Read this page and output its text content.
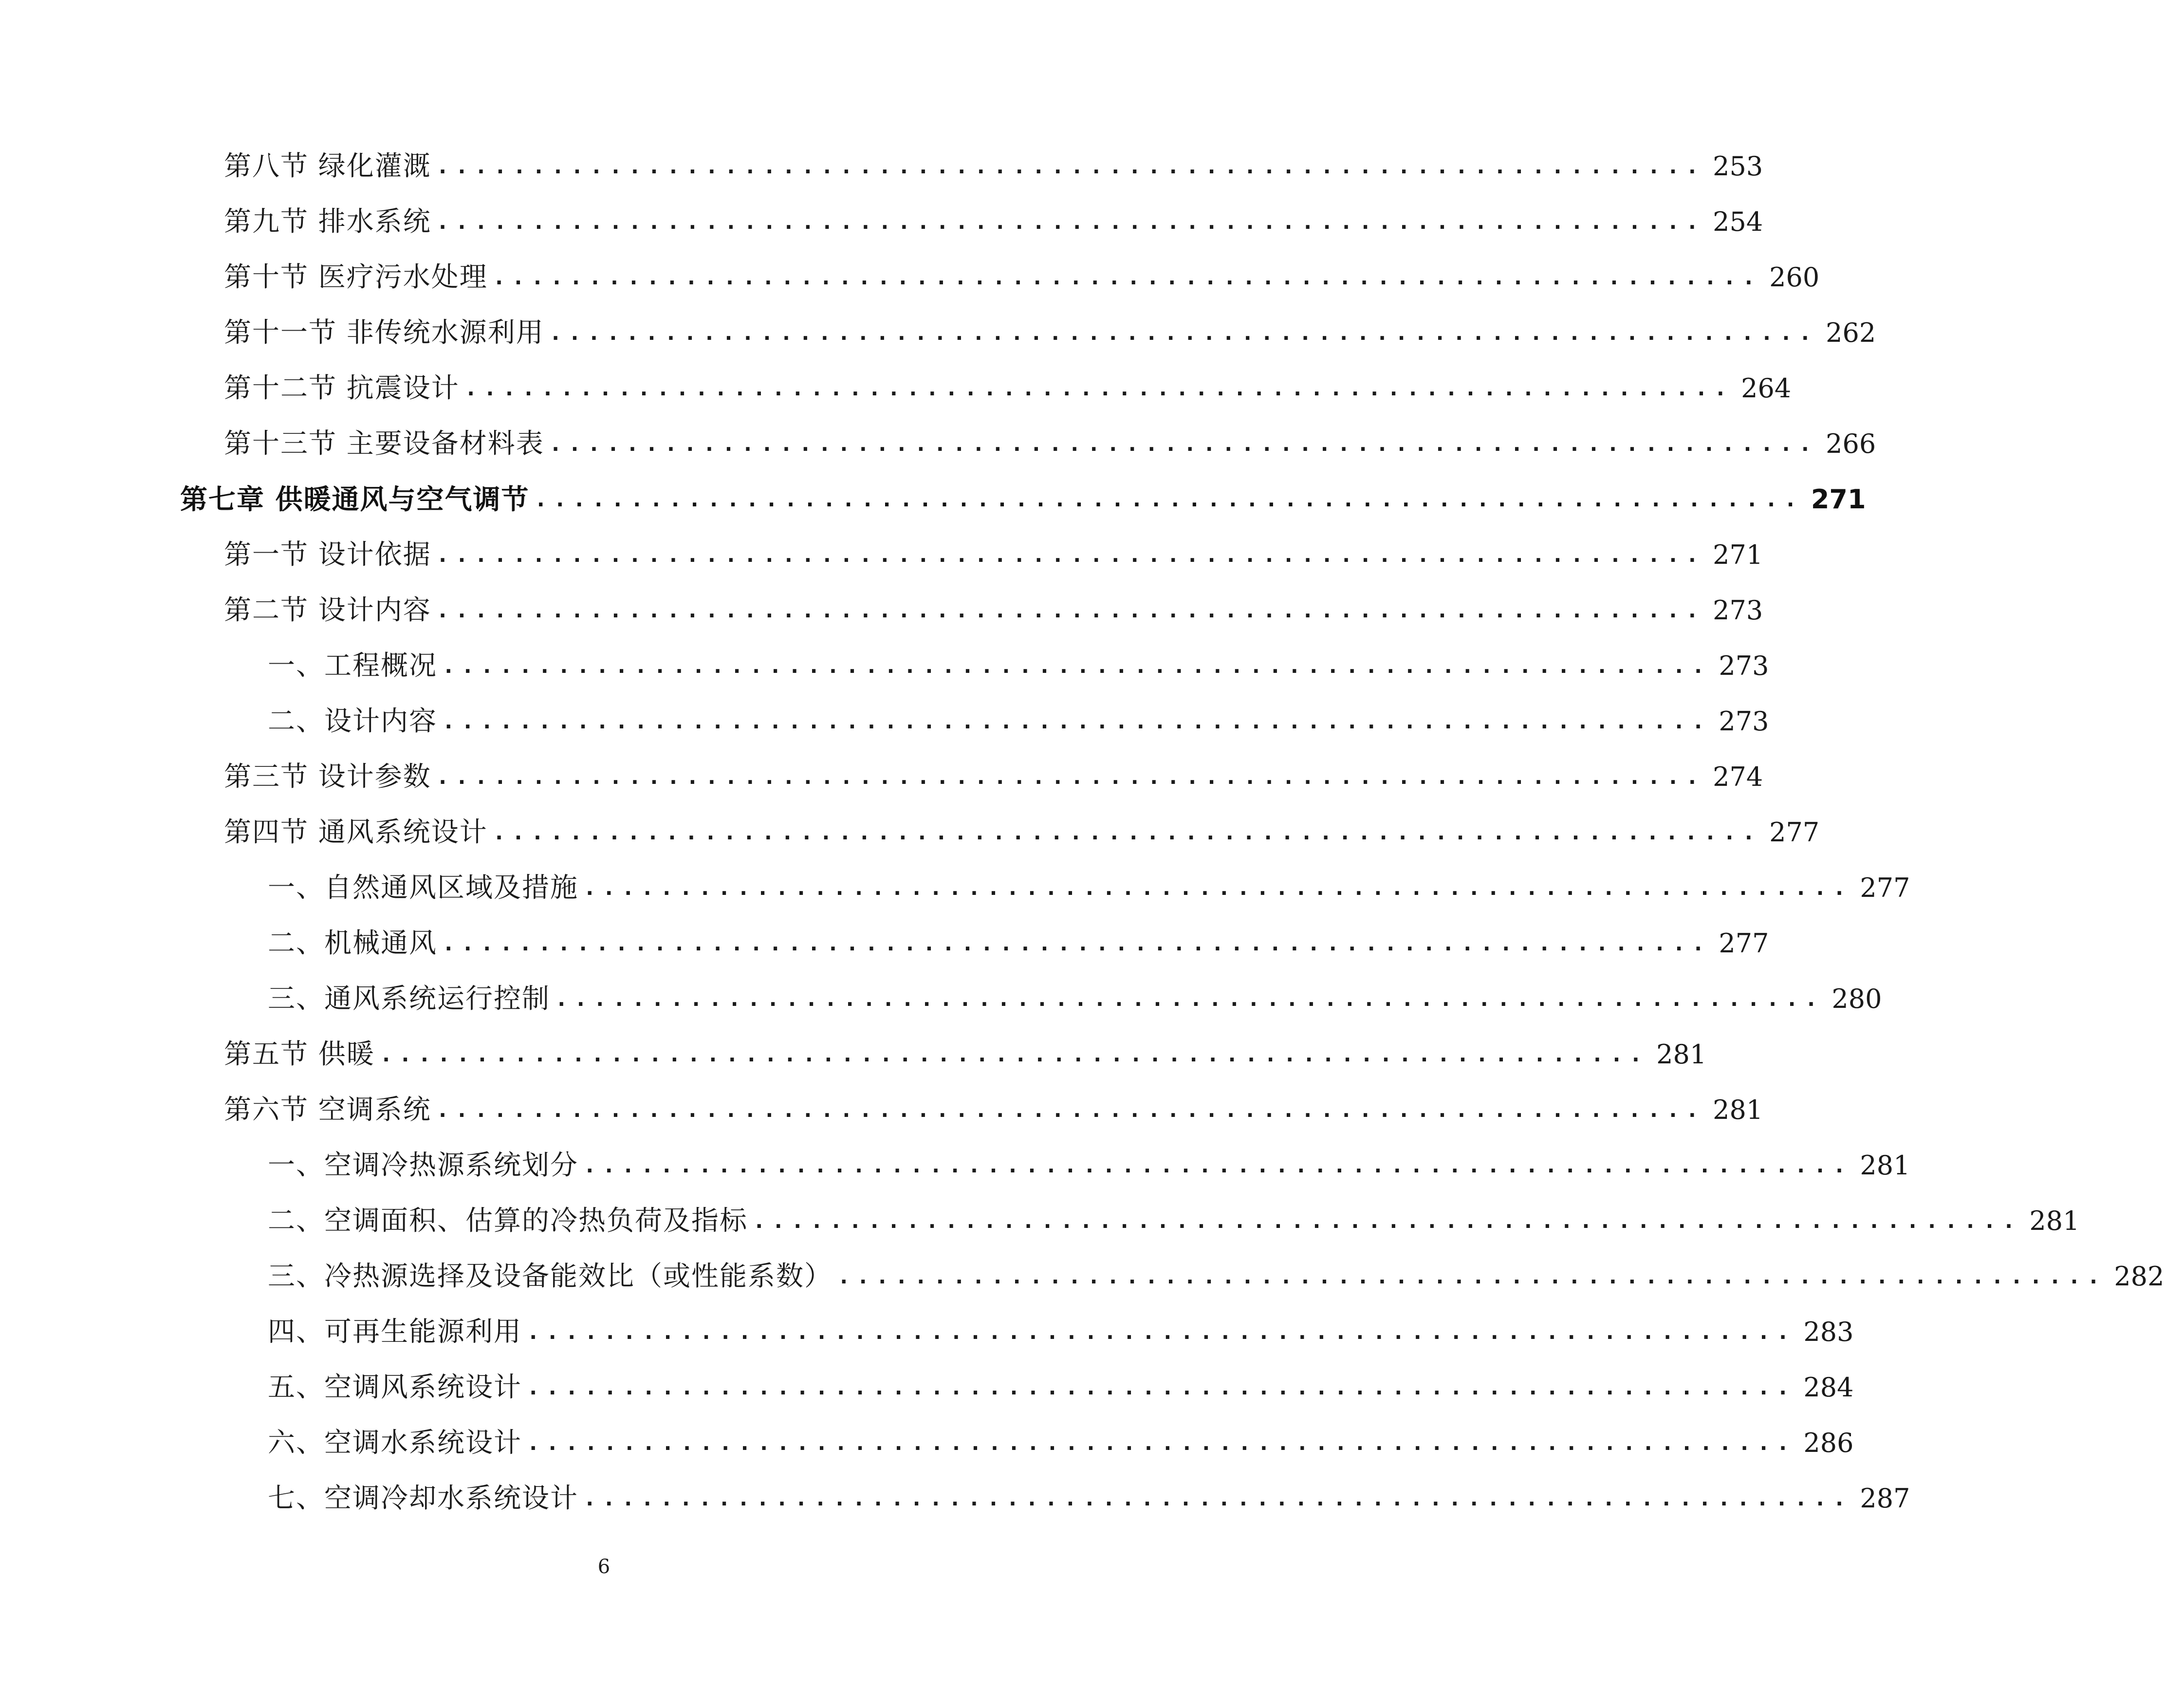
第八节 绿化灌溉 .................................................................. 253
第九节 排水系统 .................................................................. 254
第十节 医疗污水处理 .................................................................. 260
第十一节 非传统水源利用 .................................................................. 262
第十二节 抗震设计 .................................................................. 264
第十三节 主要设备材料表 .................................................................. 266
第七章 供暖通风与空气调节 .................................................................. 271
第一节 设计依据 .................................................................. 271
第二节 设计内容 .................................................................. 273
一、工程概况 .................................................................. 273
二、设计内容 .................................................................. 273
第三节 设计参数 .................................................................. 274
第四节 通风系统设计 .................................................................. 277
一、自然通风区域及措施 .................................................................. 277
二、机械通风 .................................................................. 277
三、通风系统运行控制 .................................................................. 280
第五节 供暖 .................................................................. 281
第六节 空调系统 .................................................................. 281
一、空调冷热源系统划分 .................................................................. 281
二、空调面积、估算的冷热负荷及指标 .................................................................. 281
三、冷热源选择及设备能效比（或性能系数） .................................................................. 282
四、可再生能源利用 .................................................................. 283
五、空调风系统设计 .................................................................. 284
六、空调水系统设计 .................................................................. 286
七、空调冷却水系统设计 .................................................................. 287
6
